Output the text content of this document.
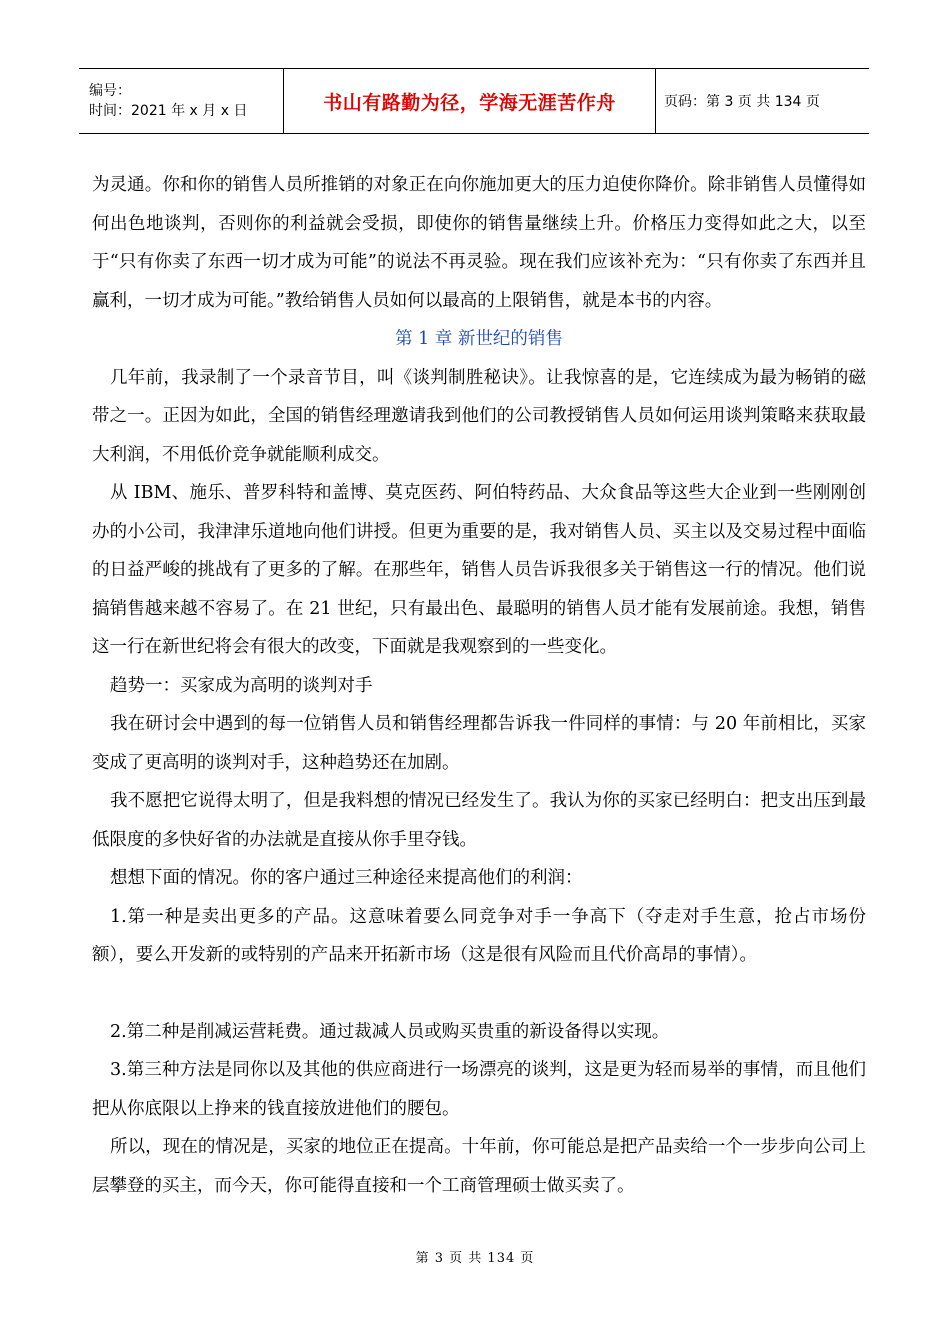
编号：
时间：2021 年 x 月 x 日	书山有路勤为径，学海无涯苦作舟	页码：第 3 页 共 134 页

为灵通。你和你的销售人员所推销的对象正在向你施加更大的压力迫使你降价。除非销售人员懂得如何出色地谈判，否则你的利益就会受损，即使你的销售量继续上升。价格压力变得如此之大，以至于“只有你卖了东西一切才成为可能”的说法不再灵验。现在我们应该补充为：“只有你卖了东西并且赢利，一切才成为可能。”教给销售人员如何以最高的上限销售，就是本书的内容。

第 1 章 新世纪的销售

几年前，我录制了一个录音节目，叫《谈判制胜秘诀》。让我惊喜的是，它连续成为最为畅销的磁带之一。正因为如此，全国的销售经理邀请我到他们的公司教授销售人员如何运用谈判策略来获取最大利润，不用低价竞争就能顺利成交。

从 IBM、施乐、普罗科特和盖博、莫克医药、阿伯特药品、大众食品等这些大企业到一些刚刚创办的小公司，我津津乐道地向他们讲授。但更为重要的是，我对销售人员、买主以及交易过程中面临的日益严峻的挑战有了更多的了解。在那些年，销售人员告诉我很多关于销售这一行的情况。他们说搞销售越来越不容易了。在 21 世纪，只有最出色、最聪明的销售人员才能有发展前途。我想，销售这一行在新世纪将会有很大的改变，下面就是我观察到的一些变化。

趋势一：买家成为高明的谈判对手

我在研讨会中遇到的每一位销售人员和销售经理都告诉我一件同样的事情：与 20 年前相比，买家变成了更高明的谈判对手，这种趋势还在加剧。

我不愿把它说得太明了，但是我料想的情况已经发生了。我认为你的买家已经明白：把支出压到最低限度的多快好省的办法就是直接从你手里夺钱。

想想下面的情况。你的客户通过三种途径来提高他们的利润：

1.第一种是卖出更多的产品。这意味着要么同竞争对手一争高下（夺走对手生意，抢占市场份额），要么开发新的或特别的产品来开拓新市场（这是很有风险而且代价高昂的事情）。

2.第二种是削减运营耗费。通过裁减人员或购买贵重的新设备得以实现。

3.第三种方法是同你以及其他的供应商进行一场漂亮的谈判，这是更为轻而易举的事情，而且他们把从你底限以上挣来的钱直接放进他们的腰包。

所以，现在的情况是，买家的地位正在提高。十年前，你可能总是把产品卖给一个一步步向公司上层攀登的买主，而今天，你可能得直接和一个工商管理硕士做买卖了。

第 3 页 共 134 页
